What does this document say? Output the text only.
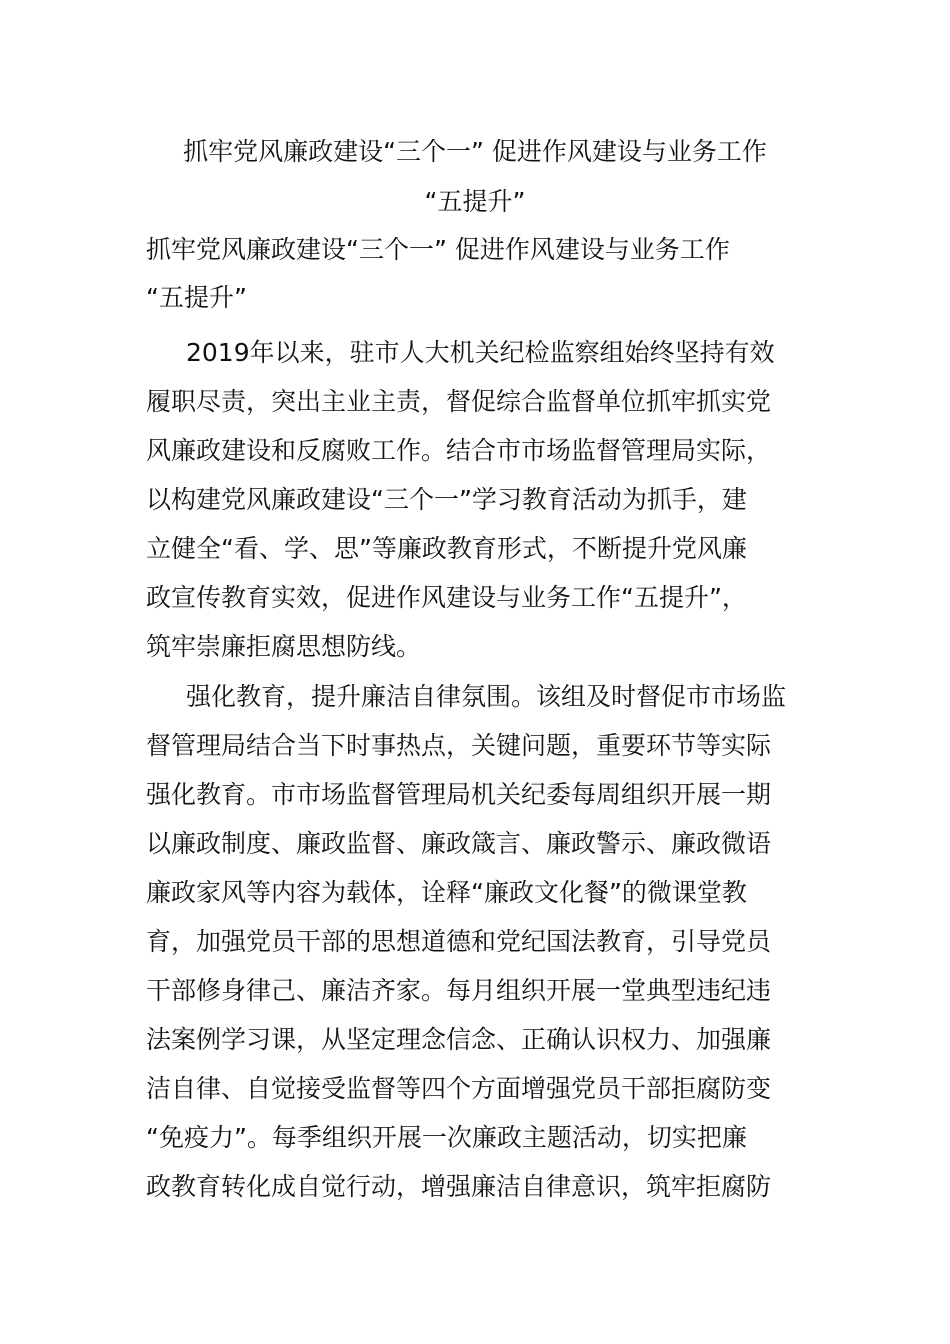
抓牢党风廉政建设“三个一” 促进作风建设与业务工作
“五提升”
抓牢党风廉政建设“三个一” 促进作风建设与业务工作
“五提升”

2019年以来，驻市人大机关纪检监察组始终坚持有效
履职尽责，突出主业主责，督促综合监督单位抓牢抓实党
风廉政建设和反腐败工作。结合市市场监督管理局实际，
以构建党风廉政建设“三个一”学习教育活动为抓手，建
立健全“看、学、思”等廉政教育形式，不断提升党风廉
政宣传教育实效，促进作风建设与业务工作“五提升”，
筑牢崇廉拒腐思想防线。

强化教育，提升廉洁自律氛围。该组及时督促市市场监
督管理局结合当下时事热点，关键问题，重要环节等实际
强化教育。市市场监督管理局机关纪委每周组织开展一期
以廉政制度、廉政监督、廉政箴言、廉政警示、廉政微语
廉政家风等内容为载体，诠释“廉政文化餐”的微课堂教
育，加强党员干部的思想道德和党纪国法教育，引导党员
干部修身律己、廉洁齐家。每月组织开展一堂典型违纪违
法案例学习课，从坚定理念信念、正确认识权力、加强廉
洁自律、自觉接受监督等四个方面增强党员干部拒腐防变
“免疫力”。每季组织开展一次廉政主题活动，切实把廉
政教育转化成自觉行动，增强廉洁自律意识，筑牢拒腐防
